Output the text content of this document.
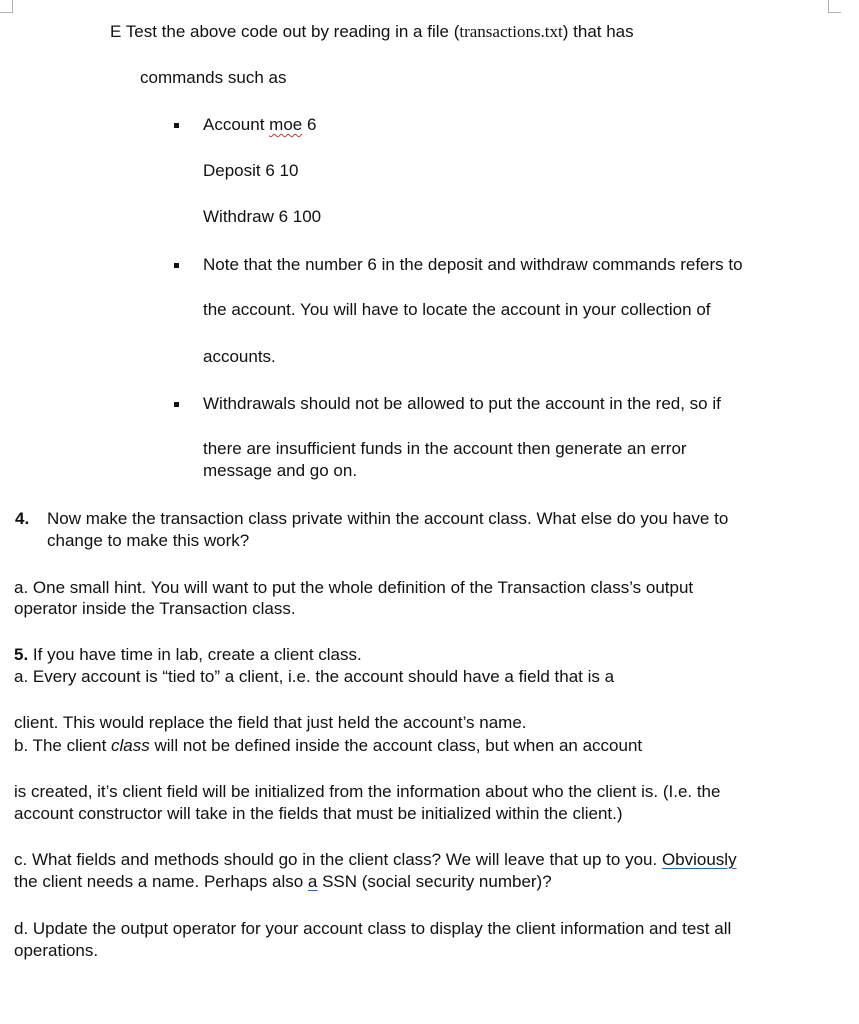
E Test the above code out by reading in a file (transactions.txt) that has
commands such as
Account moe 6
Deposit 6 10
Withdraw 6 100
Note that the number 6 in the deposit and withdraw commands refers to
the account. You will have to locate the account in your collection of
accounts.
Withdrawals should not be allowed to put the account in the red, so if
there are insufficient funds in the account then generate an error
message and go on.
4. Now make the transaction class private within the account class. What else do you have to
change to make this work?
a. One small hint. You will want to put the whole definition of the Transaction class’s output
operator inside the Transaction class.
5. If you have time in lab, create a client class.
a. Every account is “tied to” a client, i.e. the account should have a field that is a
client. This would replace the field that just held the account’s name.
b. The client class will not be defined inside the account class, but when an account
is created, it’s client field will be initialized from the information about who the client is. (I.e. the
account constructor will take in the fields that must be initialized within the client.)
c. What fields and methods should go in the client class? We will leave that up to you. Obviously
the client needs a name. Perhaps also a SSN (social security number)?
d. Update the output operator for your account class to display the client information and test all
operations.
